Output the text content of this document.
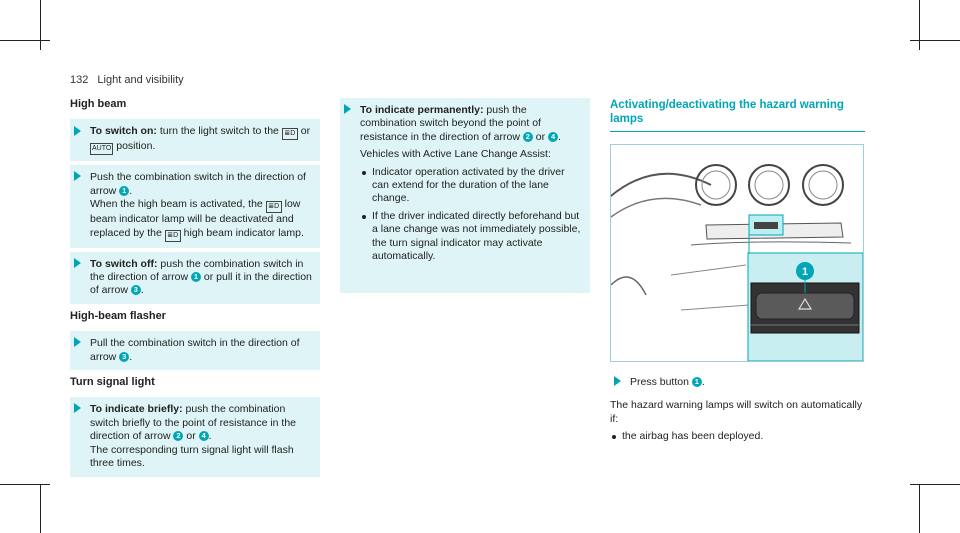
132 Light and visibility
High beam
To switch on: turn the light switch to the ≣D or AUTO position.
Push the combination switch in the direction of arrow 1 .
When the high beam is activated, the ≣D low beam indicator lamp will be deactivated and replaced by the ≣D high beam indicator lamp.
To switch off: push the combination switch in the direction of arrow 1 or pull it in the direction of arrow 3 .
High-beam flasher
Pull the combination switch in the direction of arrow 3 .
Turn signal light
To indicate briefly: push the combination switch briefly to the point of resistance in the direction of arrow 2 or 4 .
The corresponding turn signal light will flash three times.
To indicate permanently: push the combination switch beyond the point of resistance in the direction of arrow 2 or 4 .
Vehicles with Active Lane Change Assist:
Indicator operation activated by the driver can extend for the duration of the lane change.
If the driver indicated directly beforehand but a lane change was not immediately possible, the turn signal indicator may activate automatically.
Activating/deactivating the hazard warning lamps
1
Press button 1 .
The hazard warning lamps will switch on automatically if:
the airbag has been deployed.
